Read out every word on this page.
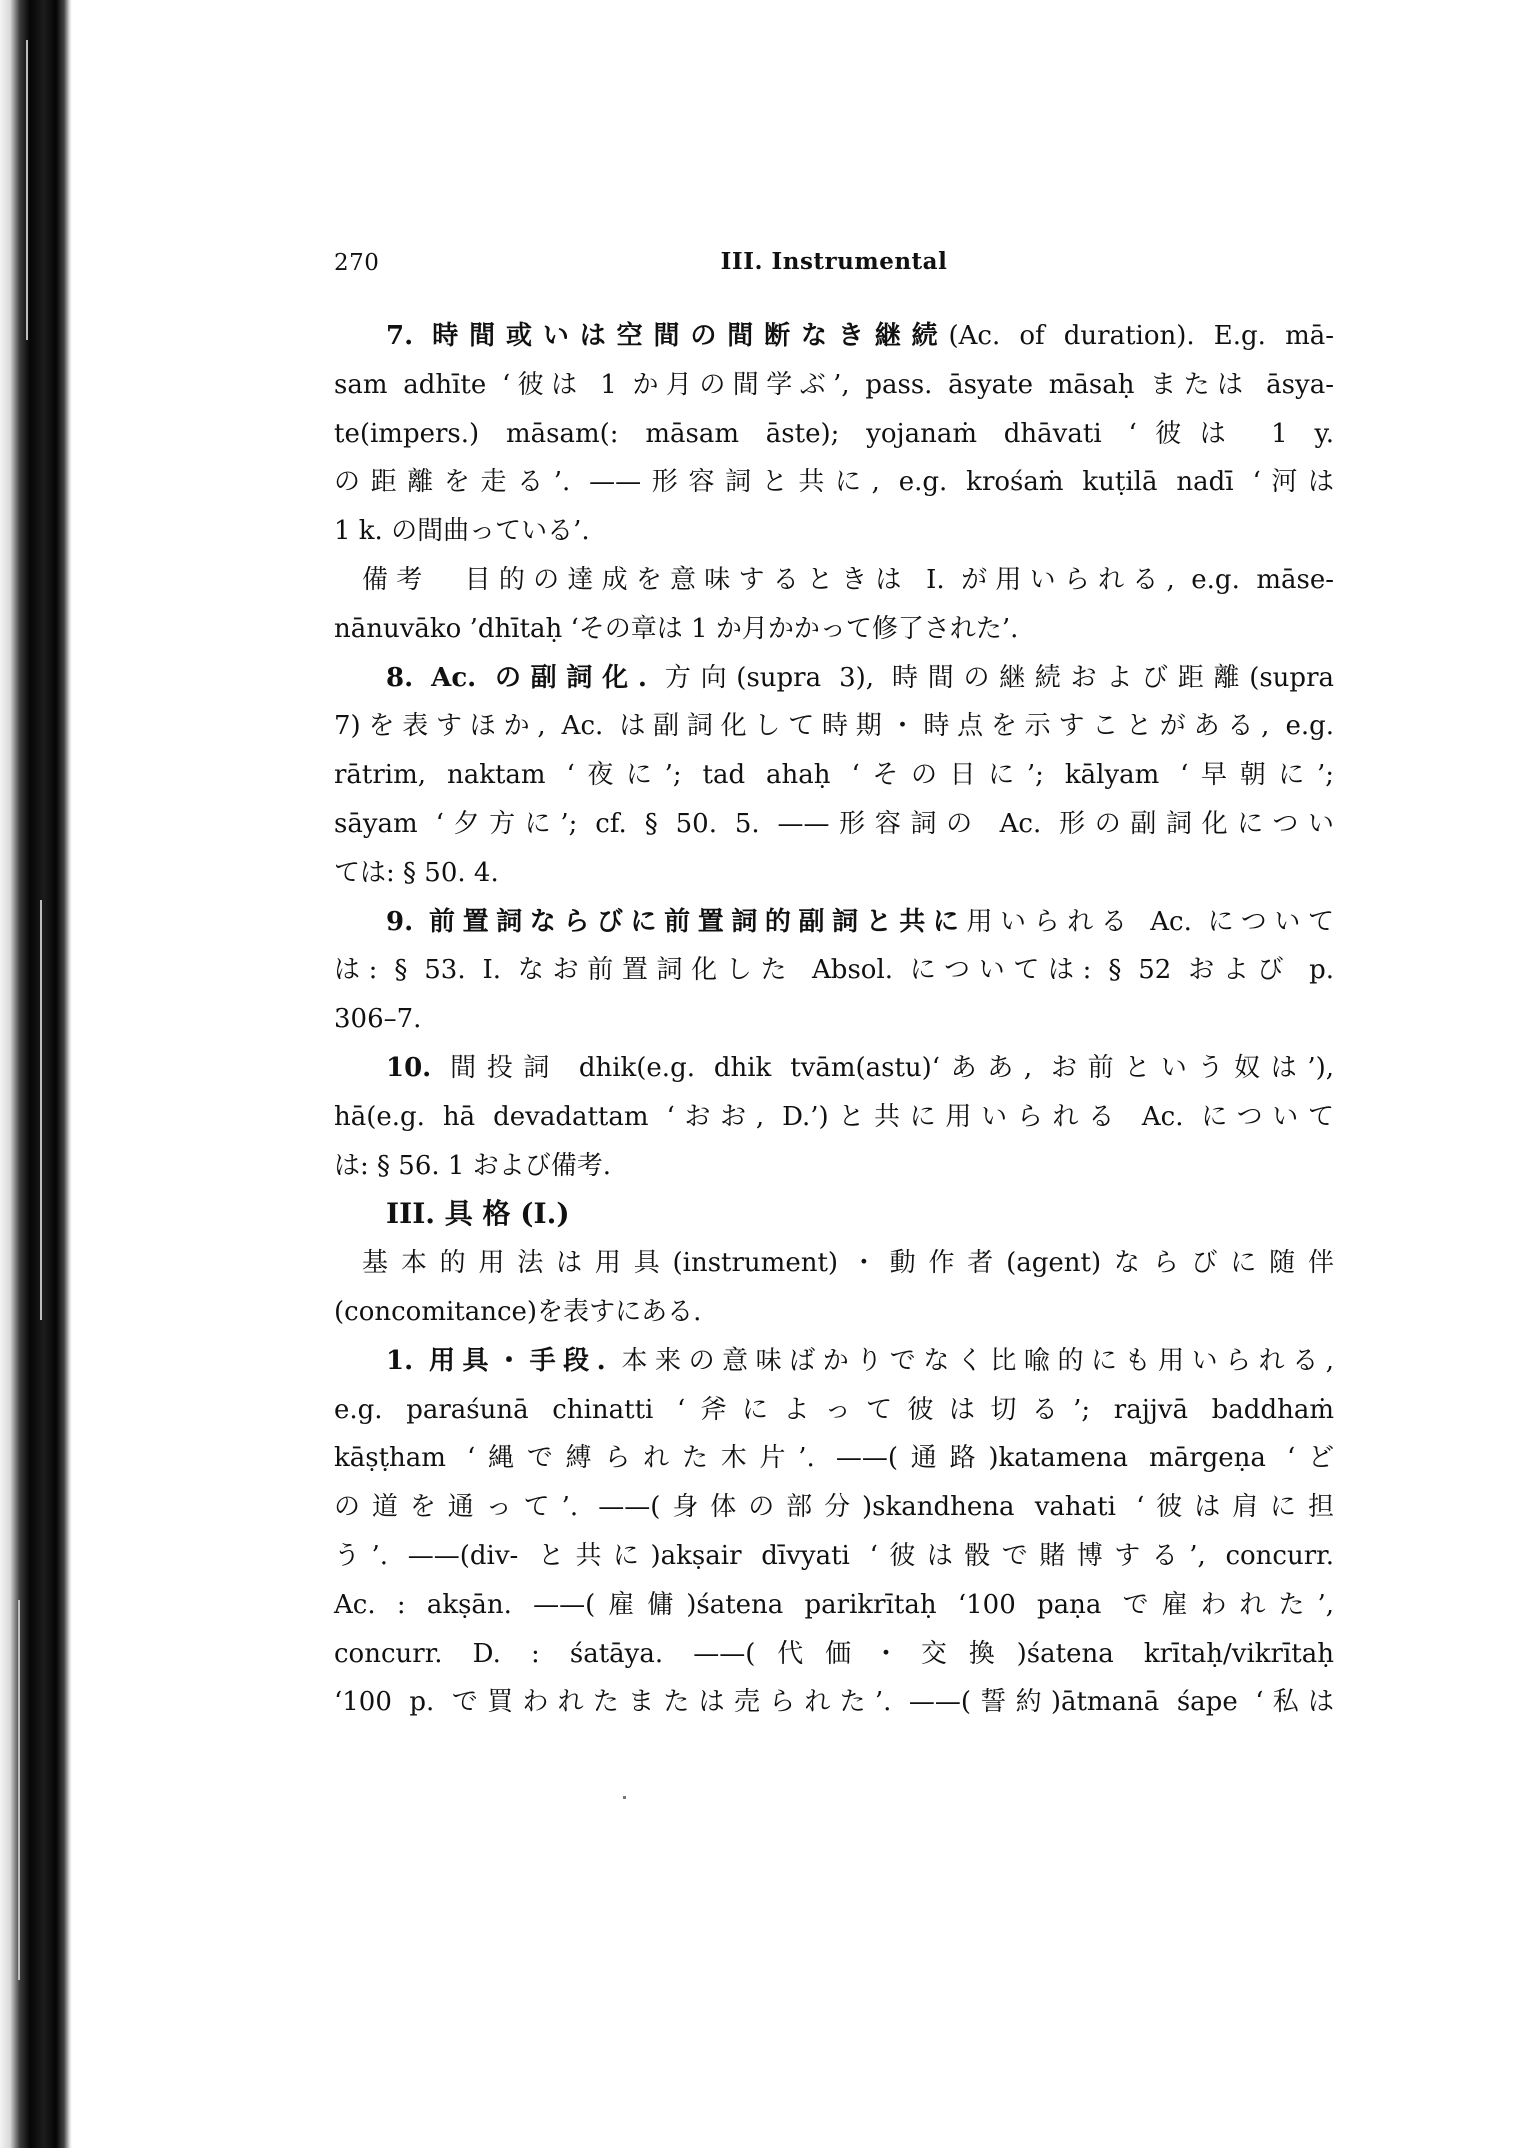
270	III. Instrumental
7. 時間或いは空間の間断なき継続(Ac. of duration). E.g. mā-
sam adhīte ‘彼は 1 か月の間学ぶ’, pass. āsyate māsaḥ または āsya-
te(impers.) māsam(: māsam āste); yojanaṁ dhāvati ‘彼は 1 y.
の距離を走る’. ——形容詞と共に, e.g. krośaṁ kuṭilā nadī ‘河は
1 k. の間曲っている’.
備考　目的の達成を意味するときは I. が用いられる, e.g. māse-
nānuvāko ’dhītaḥ ‘その章は 1 か月かかって修了された’.
8. Ac. の副詞化. 方向(supra 3), 時間の継続および距離(supra
7)を表すほか, Ac. は副詞化して時期・時点を示すことがある, e.g.
rātrim, naktam ‘夜に’; tad ahaḥ ‘その日に’; kālyam ‘早朝に’;
sāyam ‘夕方に’; cf. § 50. 5. ——形容詞の Ac. 形の副詞化につい
ては: § 50. 4.
9. 前置詞ならびに前置詞的副詞と共に用いられる Ac. について
は: § 53. I. なお前置詞化した Absol. については: § 52 および p.
306–7.
10. 間投詞 dhik(e.g. dhik tvām(astu)‘ああ, お前という奴は’),
hā(e.g. hā devadattam ‘おお, D.’)と共に用いられる Ac. について
は: § 56. 1 および備考.
III. 具 格 (I.)
基本的用法は用具(instrument)・動作者(agent)ならびに随伴
(concomitance)を表すにある.
1. 用具・手段. 本来の意味ばかりでなく比喩的にも用いられる,
e.g. paraśunā chinatti ‘斧によって彼は切る’; rajjvā baddhaṁ
kāṣṭham ‘縄で縛られた木片’. ——(通路)katamena mārgeṇa ‘ど
の道を通って’. ——(身体の部分)skandhena vahati ‘彼は肩に担
う’. ——(div- と共に)akṣair dīvyati ‘彼は骰で賭博する’, concurr.
Ac. : akṣān. ——(雇傭)śatena parikrītaḥ ‘100 paṇa で雇われた’,
concurr. D. : śatāya. ——(代価・交換)śatena krītaḥ/vikrītaḥ
‘100 p. で買われたまたは売られた’. ——(誓約)ātmanā śape ‘私は
